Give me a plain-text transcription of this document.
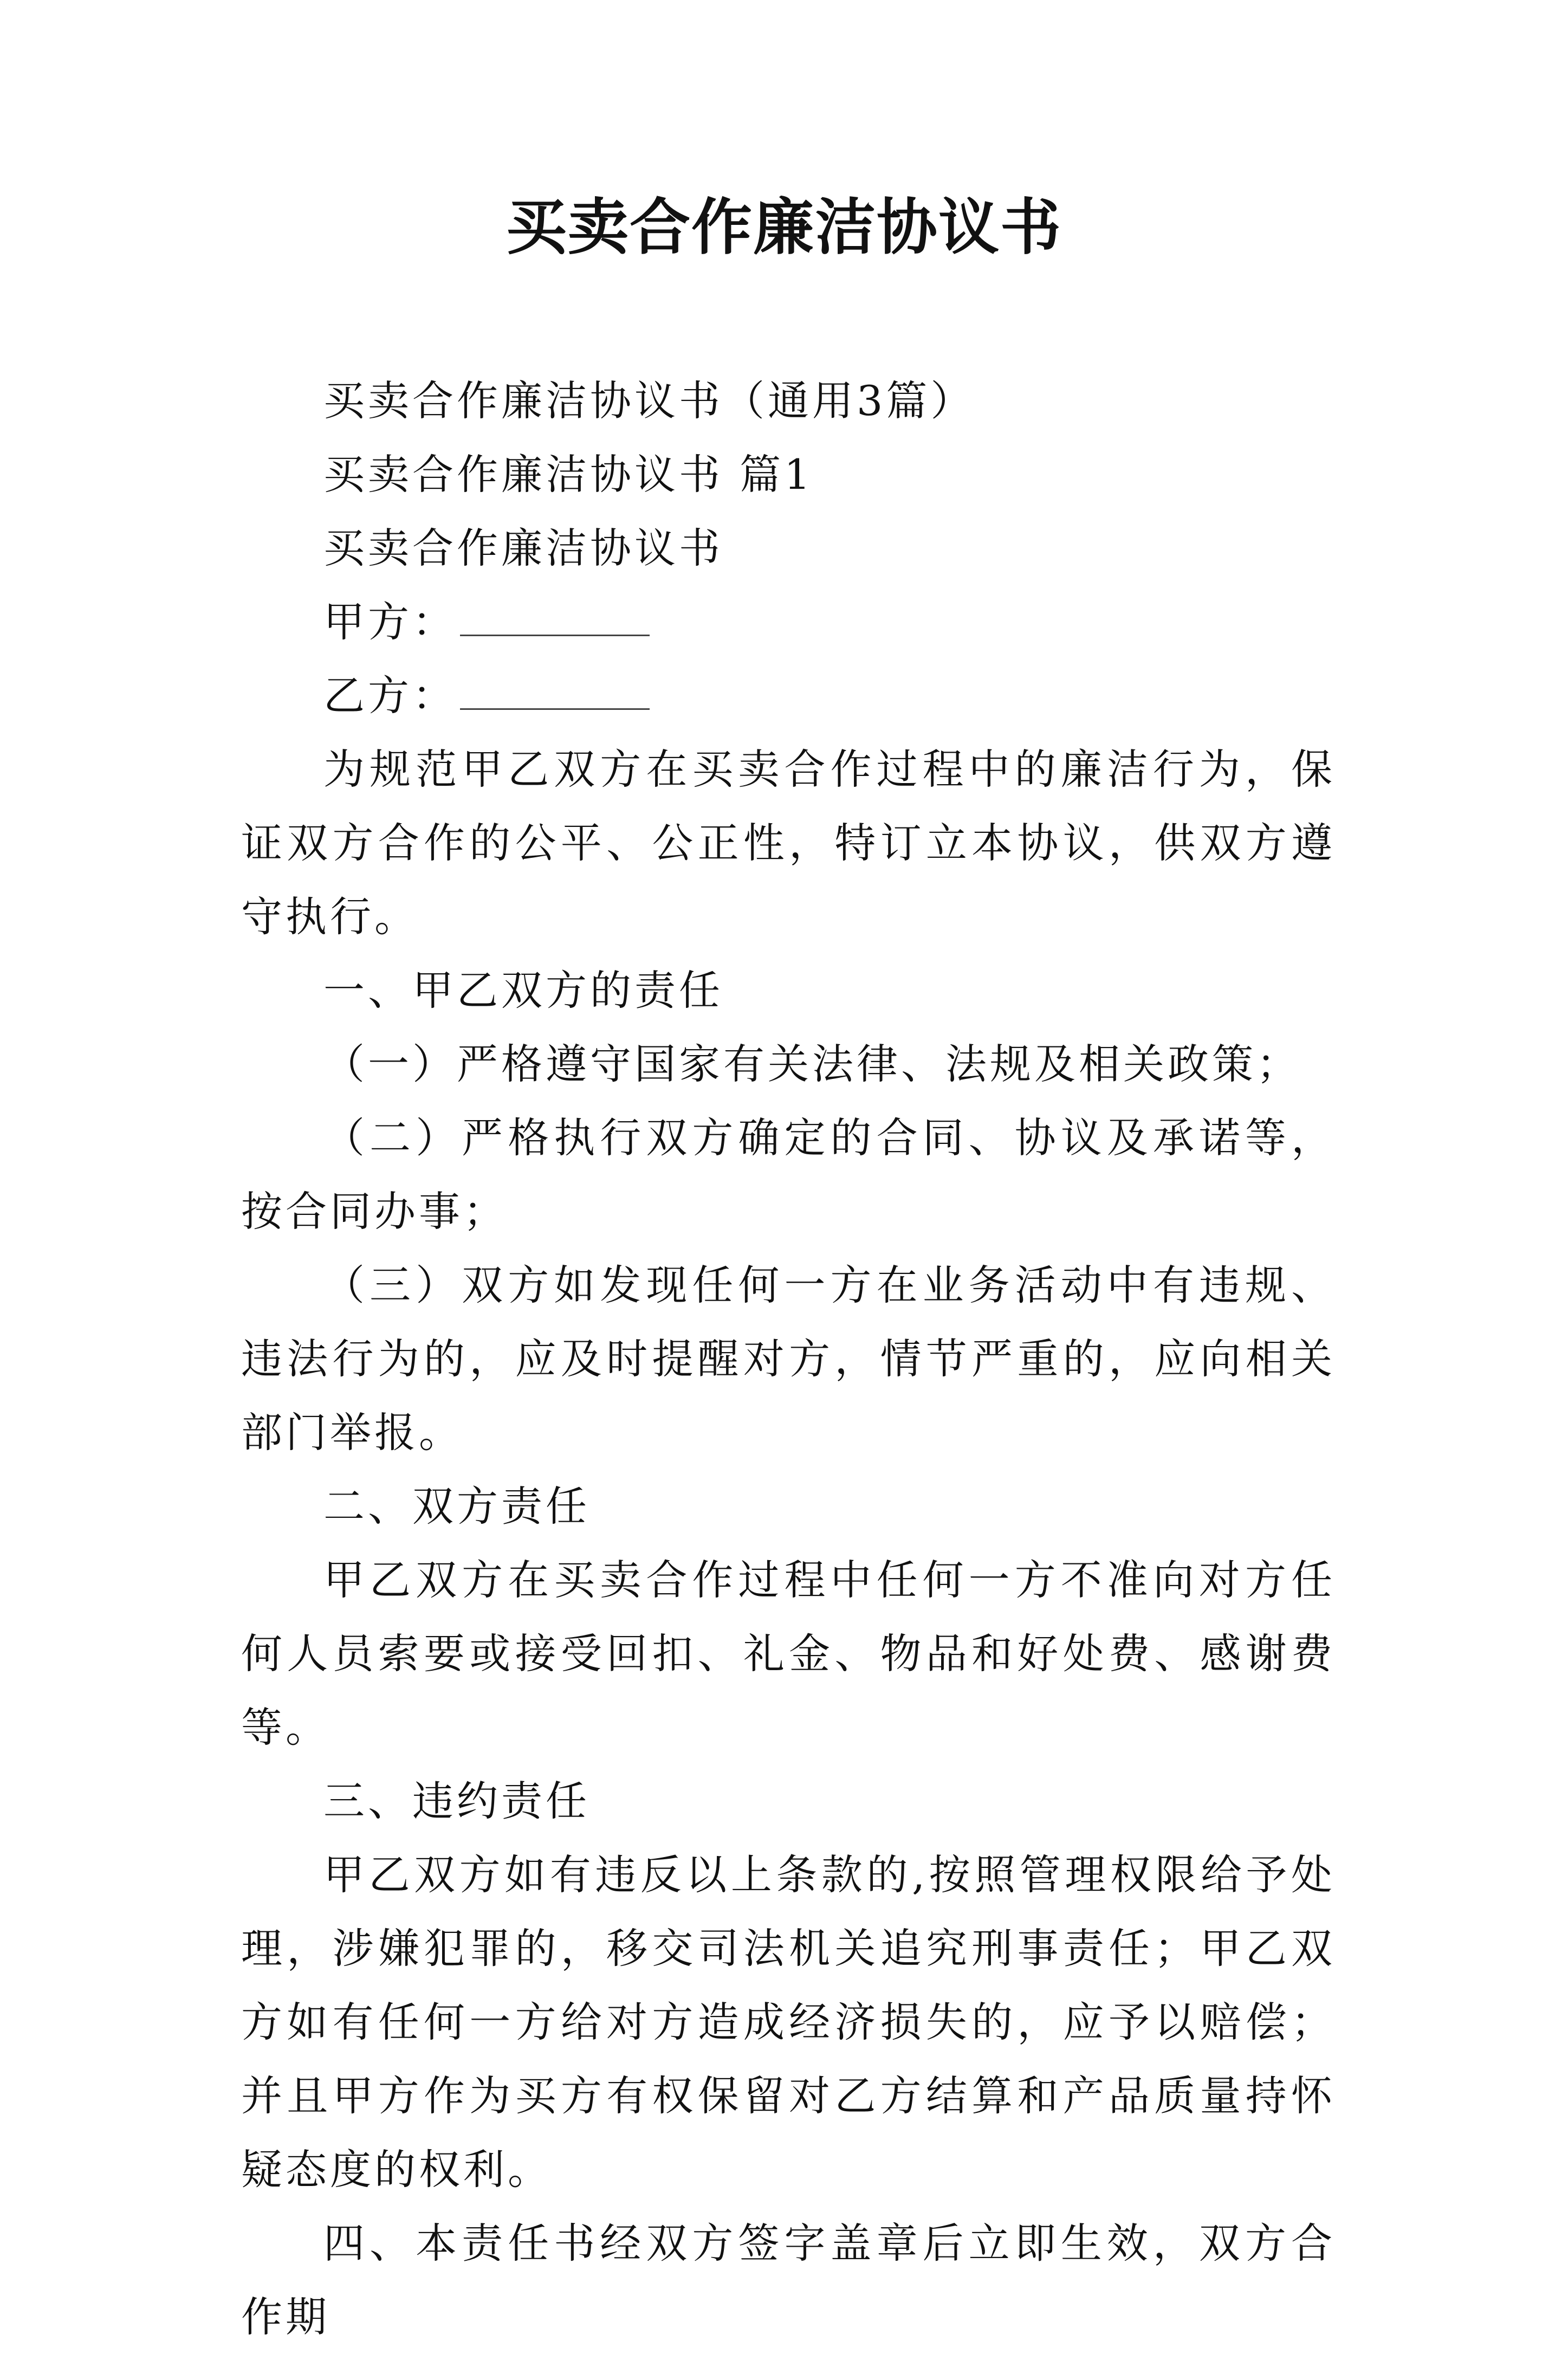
买卖合作廉洁协议书

买卖合作廉洁协议书（通用3篇）

买卖合作廉洁协议书 篇1

买卖合作廉洁协议书

甲方：

乙方：

为规范甲乙双方在买卖合作过程中的廉洁行为，保证双方合作的公平、公正性，特订立本协议，供双方遵守执行。

一、甲乙双方的责任

（一）严格遵守国家有关法律、法规及相关政策；

（二）严格执行双方确定的合同、协议及承诺等，按合同办事；

（三）双方如发现任何一方在业务活动中有违规、违法行为的，应及时提醒对方，情节严重的，应向相关部门举报。

二、双方责任

甲乙双方在买卖合作过程中任何一方不准向对方任何人员索要或接受回扣、礼金、物品和好处费、感谢费等。

三、违约责任

甲乙双方如有违反以上条款的,按照管理权限给予处理，涉嫌犯罪的，移交司法机关追究刑事责任；甲乙双方如有任何一方给对方造成经济损失的，应予以赔偿；并且甲方作为买方有权保留对乙方结算和产品质量持怀疑态度的权利。

四、本责任书经双方签字盖章后立即生效，双方合作期
